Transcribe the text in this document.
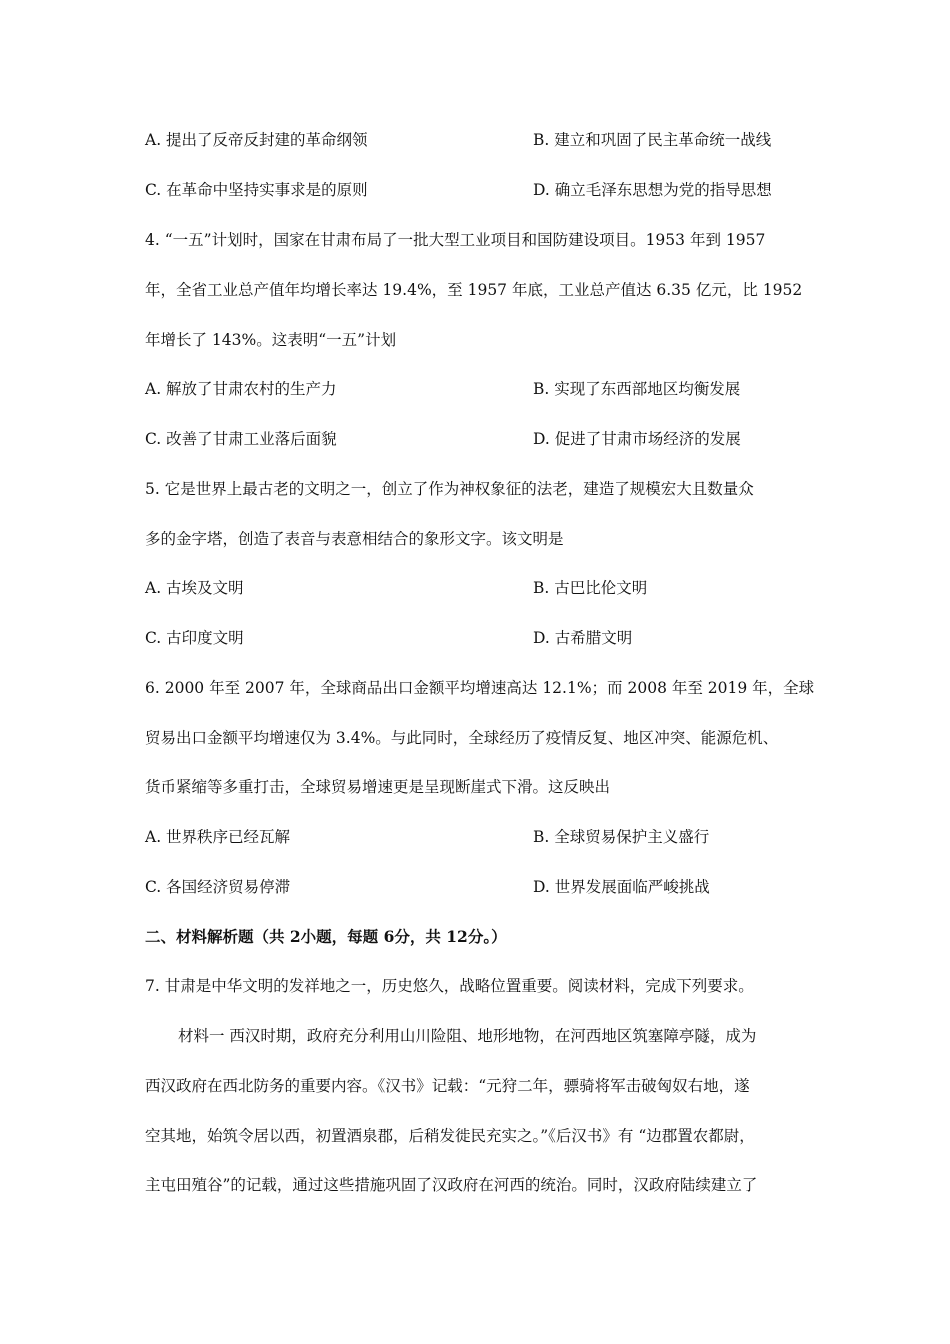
A. 提出了反帝反封建的革命纲领	B. 建立和巩固了民主革命统一战线
C. 在革命中坚持实事求是的原则	D. 确立毛泽东思想为党的指导思想
4. “一五”计划时，国家在甘肃布局了一批大型工业项目和国防建设项目。1953 年到 1957
年，全省工业总产值年均增长率达 19.4%，至 1957 年底，工业总产值达 6.35 亿元，比 1952
年增长了 143%。这表明“一五”计划
A. 解放了甘肃农村的生产力	B. 实现了东西部地区均衡发展
C. 改善了甘肃工业落后面貌	D. 促进了甘肃市场经济的发展
5. 它是世界上最古老的文明之一，创立了作为神权象征的法老，建造了规模宏大且数量众
多的金字塔，创造了表音与表意相结合的象形文字。该文明是
A. 古埃及文明	B. 古巴比伦文明
C. 古印度文明	D. 古希腊文明
6. 2000 年至 2007 年，全球商品出口金额平均增速高达 12.1%；而 2008 年至 2019 年，全球
贸易出口金额平均增速仅为 3.4%。与此同时，全球经历了疫情反复、地区冲突、能源危机、
货币紧缩等多重打击，全球贸易增速更是呈现断崖式下滑。这反映出
A. 世界秩序已经瓦解	B. 全球贸易保护主义盛行
C. 各国经济贸易停滞	D. 世界发展面临严峻挑战
二、材料解析题（共 2小题，每题 6分，共 12分。）
7. 甘肃是中华文明的发祥地之一，历史悠久，战略位置重要。阅读材料，完成下列要求。
材料一 西汉时期，政府充分利用山川险阻、地形地物，在河西地区筑塞障亭隧，成为
西汉政府在西北防务的重要内容。《汉书》记载：“元狩二年，骠骑将军击破匈奴右地，遂
空其地，始筑令居以西，初置酒泉郡，后稍发徙民充实之。”《后汉书》有 “边郡置农都尉，
主屯田殖谷”的记载，通过这些措施巩固了汉政府在河西的统治。同时，汉政府陆续建立了
